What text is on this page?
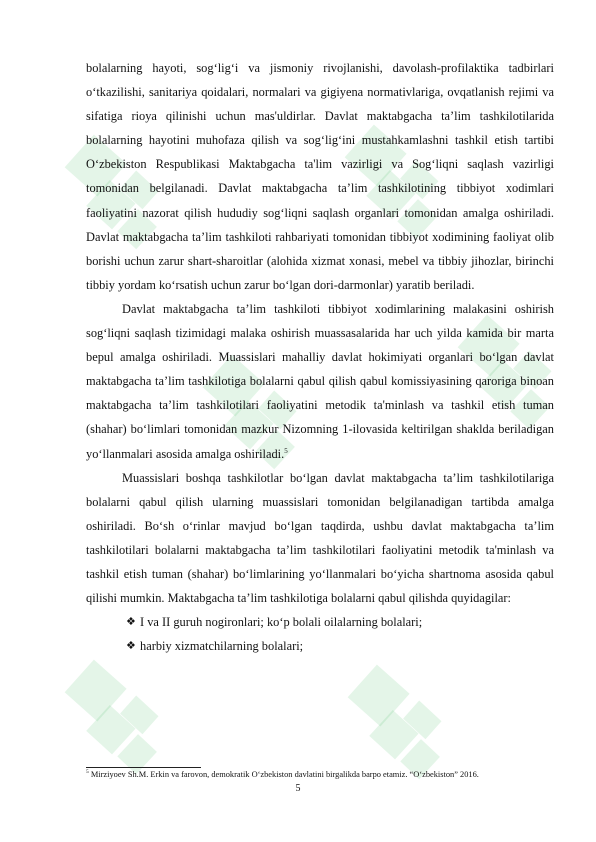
bolalarning hayoti, sog‘lig‘i va jismoniy rivojlanishi, davolash-profilaktika tadbirlari o‘tkazilishi, sanitariya qoidalari, normalari va gigiyena normativlariga, ovqatlanish rejimi va sifatiga rioya qilinishi uchun mas'uldirlar. Davlat maktabgacha ta’lim tashkilotilarida bolalarning hayotini muhofaza qilish va sog‘lig‘ini mustahkamlashni tashkil etish tartibi O‘zbekiston Respublikasi Maktabgacha ta'lim vazirligi va Sog‘liqni saqlash vazirligi tomonidan belgilanadi. Davlat maktabgacha ta’lim tashkilotining tibbiyot xodimlari faoliyatini nazorat qilish hududiy sog‘liqni saqlash organlari tomonidan amalga oshiriladi. Davlat maktabgacha ta’lim tashkiloti rahbariyati tomonidan tibbiyot xodimining faoliyat olib borishi uchun zarur shart-sharoitlar (alohida xizmat xonasi, mebel va tibbiy jihozlar, birinchi tibbiy yordam ko‘rsatish uchun zarur bo‘lgan dori-darmonlar) yaratib beriladi.

Davlat maktabgacha ta’lim tashkiloti tibbiyot xodimlarining malakasini oshirish sog‘liqni saqlash tizimidagi malaka oshirish muassasalarida har uch yilda kamida bir marta bepul amalga oshiriladi. Muassislari mahalliy davlat hokimiyati organlari bo‘lgan davlat maktabgacha ta’lim tashkilotiga bolalarni qabul qilish qabul komissiyasining qaroriga binoan maktabgacha ta’lim tashkilotilari faoliyatini metodik ta'minlash va tashkil etish tuman (shahar) bo‘limlari tomonidan mazkur Nizomning 1-ilovasida keltirilgan shaklda beriladigan yo‘llanmalari asosida amalga oshiriladi.$^5$

Muassislari boshqa tashkilotlar bo‘lgan davlat maktabgacha ta’lim tashkilotilariga bolalarni qabul qilish ularning muassislari tomonidan belgilanadigan tartibda amalga oshiriladi. Bo‘sh o‘rinlar mavjud bo‘lgan taqdirda, ushbu davlat maktabgacha ta’lim tashkilotilari bolalarni maktabgacha ta’lim tashkilotilari faoliyatini metodik ta'minlash va tashkil etish tuman (shahar) bo‘limlarining yo‘llanmalari bo‘yicha shartnoma asosida qabul qilishi mumkin. Maktabgacha ta’lim tashkilotiga bolalarni qabul qilishda quyidagilar:

❖ I va II guruh nogironlari; ko‘p bolali oilalarning bolalari;
❖ harbiy xizmatchilarning bolalari;
$^5$ Mirziyoev Sh.M. Erkin va farovon, demokratik O‘zbekiston davlatini birgalikda barpo etamiz. “O‘zbekiston” 2016.
5
